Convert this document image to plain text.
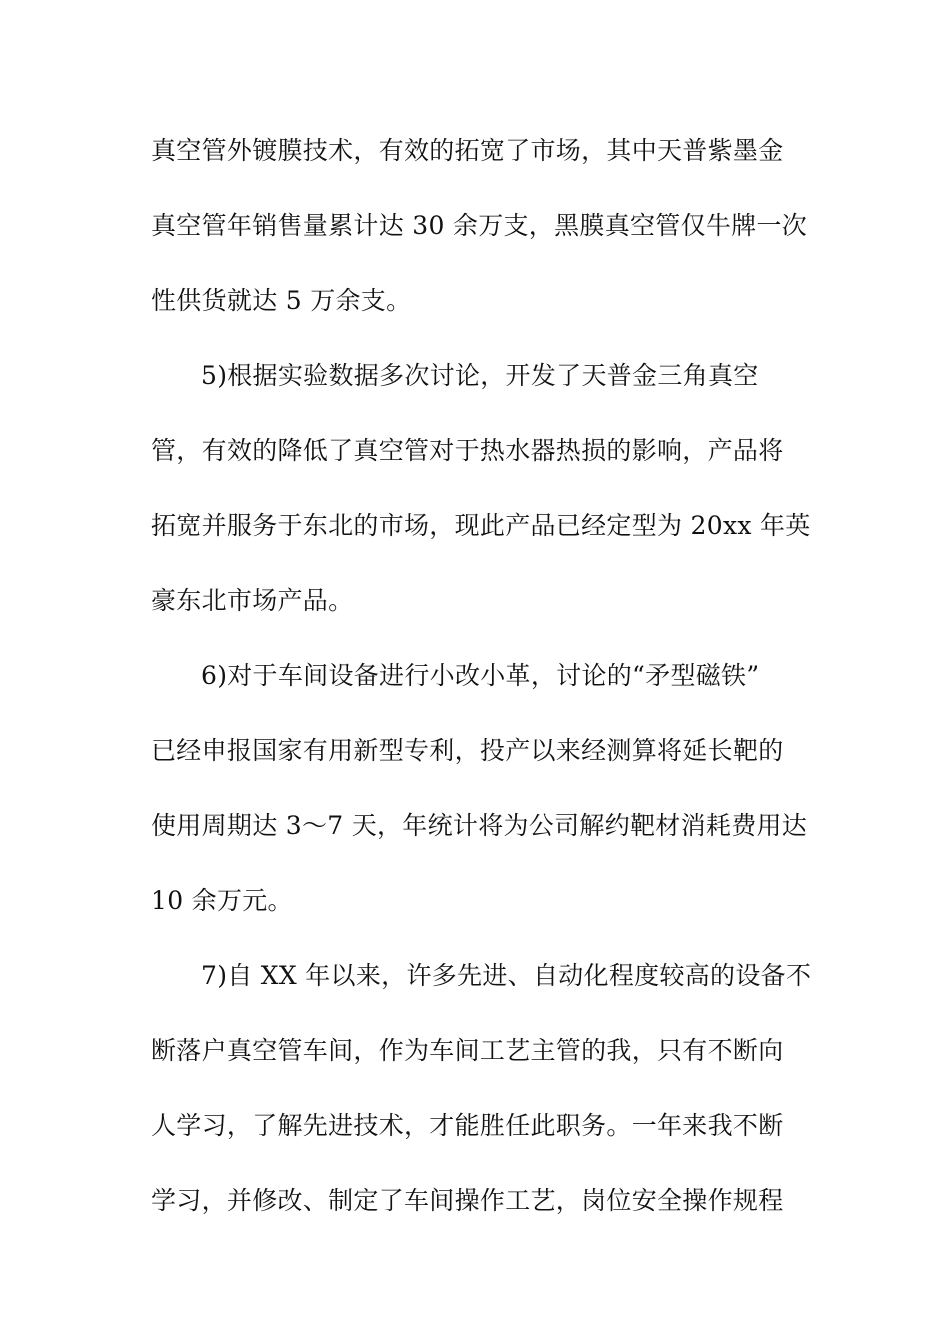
真空管外镀膜技术，有效的拓宽了市场，其中天普紫墨金
真空管年销售量累计达 30 余万支，黑膜真空管仅牛牌一次
性供货就达 5 万余支。
5)根据实验数据多次讨论，开发了天普金三角真空
管，有效的降低了真空管对于热水器热损的影响，产品将
拓宽并服务于东北的市场，现此产品已经定型为 20xx 年英
豪东北市场产品。
6)对于车间设备进行小改小革，讨论的“矛型磁铁”
已经申报国家有用新型专利，投产以来经测算将延长靶的
使用周期达 3～7 天，年统计将为公司解约靶材消耗费用达
10 余万元。
7)自 XX 年以来，许多先进、自动化程度较高的设备不
断落户真空管车间，作为车间工艺主管的我，只有不断向
人学习，了解先进技术，才能胜任此职务。一年来我不断
学习，并修改、制定了车间操作工艺，岗位安全操作规程
